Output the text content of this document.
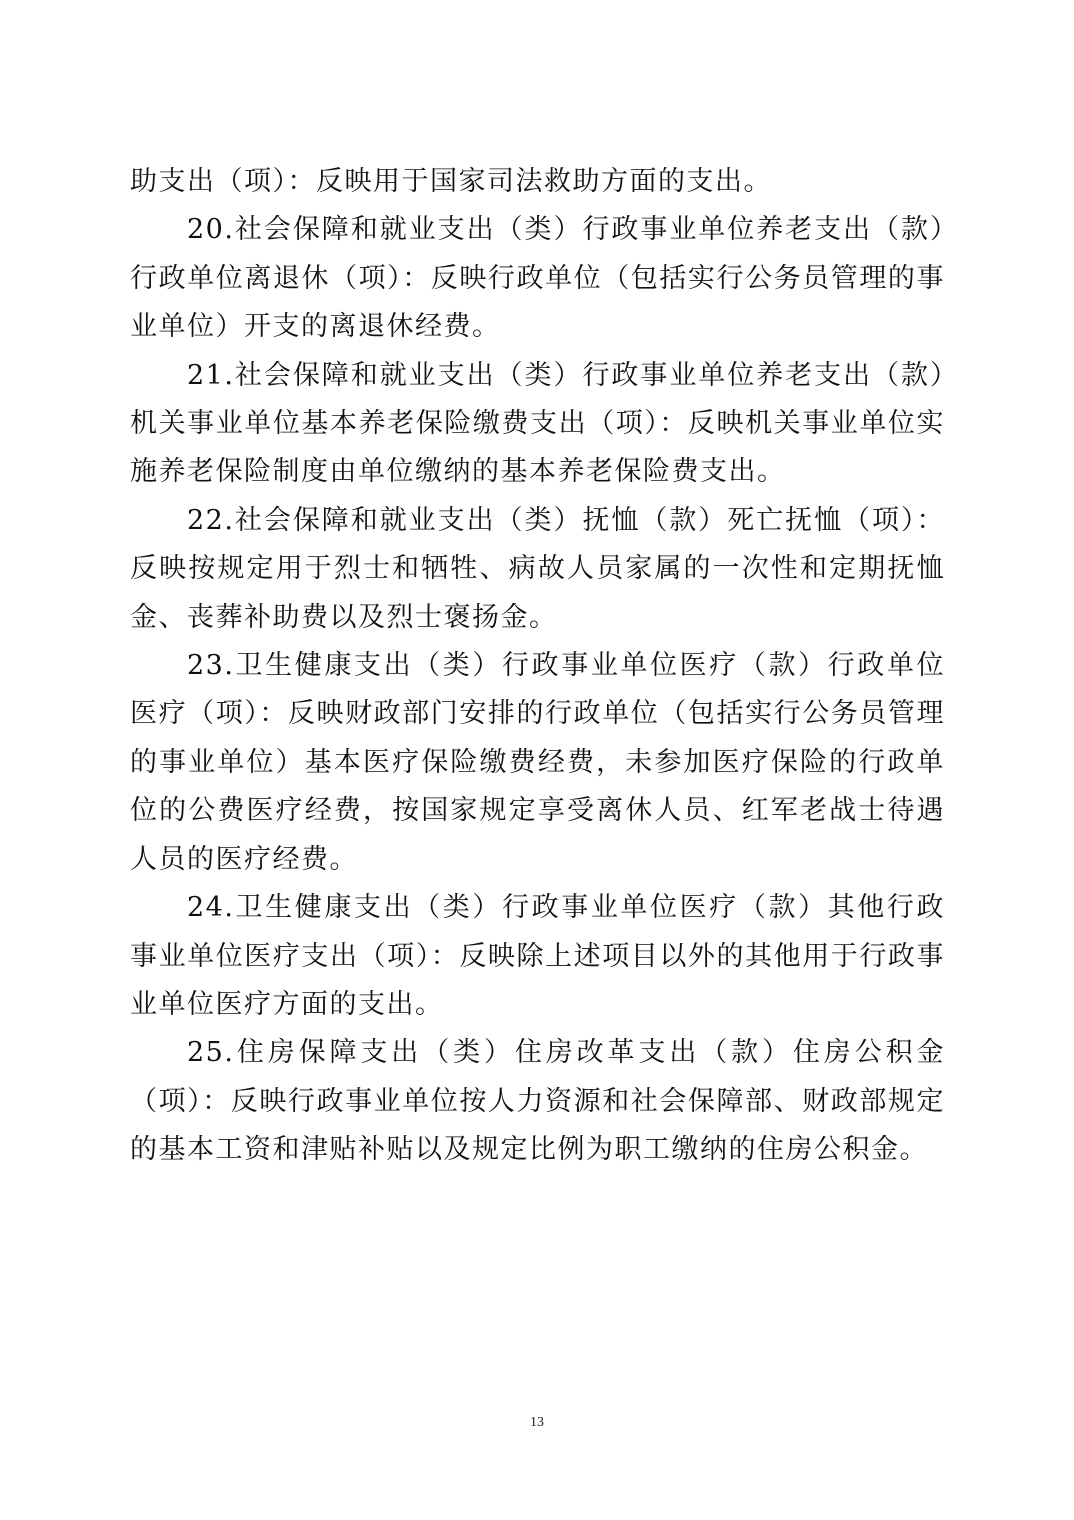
助支出（项）：反映用于国家司法救助方面的支出。

20.社会保障和就业支出（类）行政事业单位养老支出（款）行政单位离退休（项）：反映行政单位（包括实行公务员管理的事业单位）开支的离退休经费。

21.社会保障和就业支出（类）行政事业单位养老支出（款）机关事业单位基本养老保险缴费支出（项）：反映机关事业单位实施养老保险制度由单位缴纳的基本养老保险费支出。

22.社会保障和就业支出（类）抚恤（款）死亡抚恤（项）：反映按规定用于烈士和牺牲、病故人员家属的一次性和定期抚恤金、丧葬补助费以及烈士褒扬金。

23.卫生健康支出（类）行政事业单位医疗（款）行政单位医疗（项）：反映财政部门安排的行政单位（包括实行公务员管理的事业单位）基本医疗保险缴费经费，未参加医疗保险的行政单位的公费医疗经费，按国家规定享受离休人员、红军老战士待遇人员的医疗经费。

24.卫生健康支出（类）行政事业单位医疗（款）其他行政事业单位医疗支出（项）：反映除上述项目以外的其他用于行政事业单位医疗方面的支出。

25.住房保障支出（类）住房改革支出（款）住房公积金（项）：反映行政事业单位按人力资源和社会保障部、财政部规定的基本工资和津贴补贴以及规定比例为职工缴纳的住房公积金。

13
